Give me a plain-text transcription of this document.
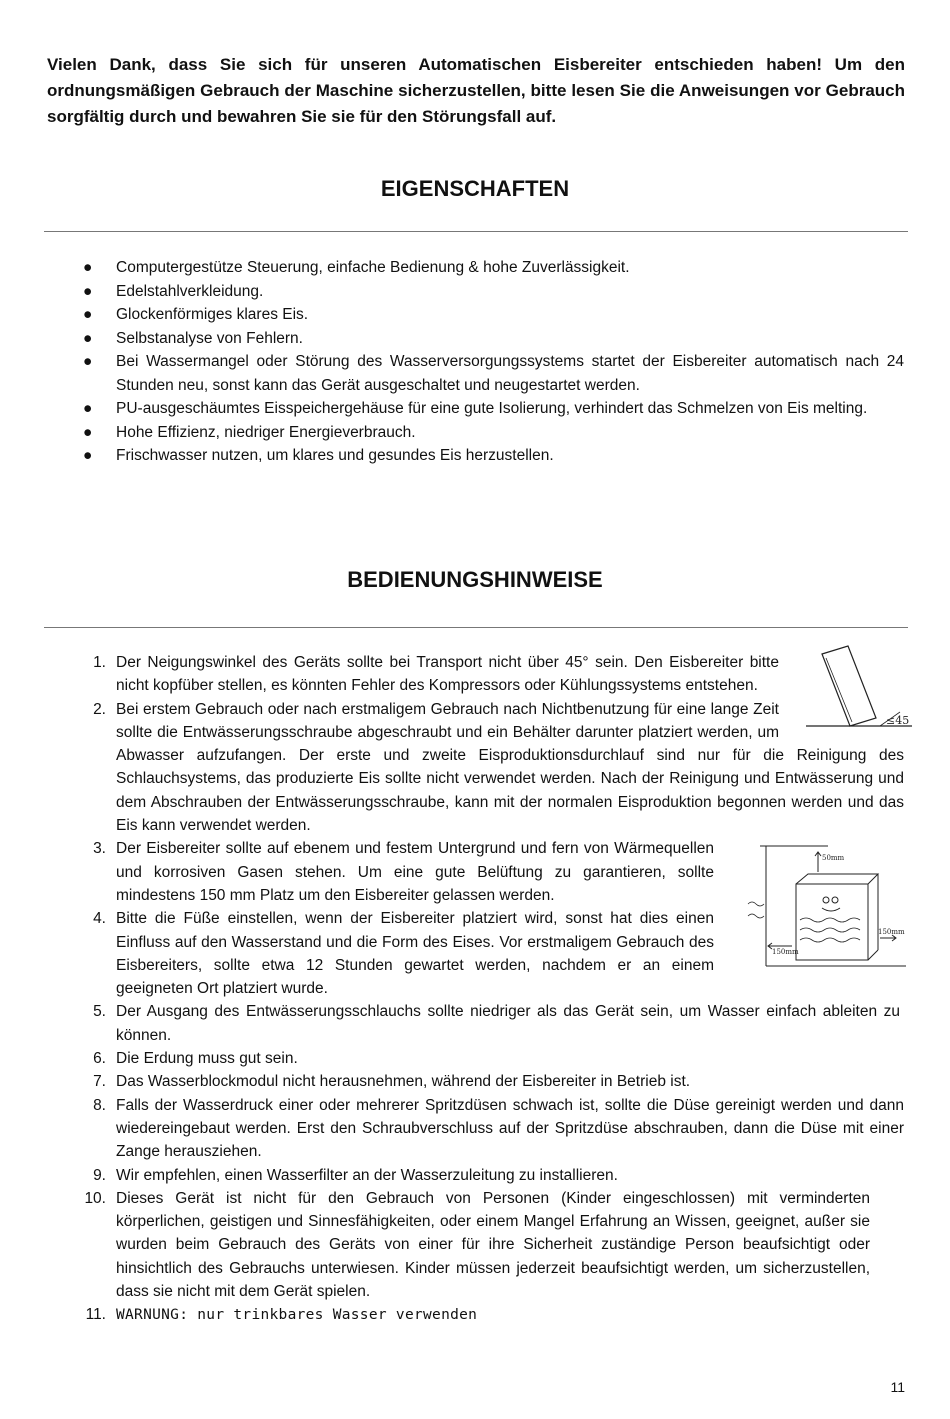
Vielen Dank, dass Sie sich für unseren Automatischen Eisbereiter entschieden haben! Um den ordnungsmäßigen Gebrauch der Maschine sicherzustellen, bitte lesen Sie die Anweisungen vor Gebrauch sorgfältig durch und bewahren Sie sie für den Störungsfall auf.
EIGENSCHAFTEN
● Computergestütze Steuerung, einfache Bedienung & hohe Zuverlässigkeit.
● Edelstahlverkleidung.
● Glockenförmiges klares Eis.
● Selbstanalyse von Fehlern.
● Bei Wassermangel oder Störung des Wasserversorgungssystems startet der Eisbereiter automatisch nach 24 Stunden neu, sonst kann das Gerät ausgeschaltet und neugestartet werden.
● PU-ausgeschäumtes Eisspeichergehäuse für eine gute Isolierung, verhindert das Schmelzen von Eis melting.
● Hohe Effizienz, niedriger Energieverbrauch.
● Frischwasser nutzen, um klares und gesundes Eis herzustellen.
BEDIENUNGSHINWEISE
1. Der Neigungswinkel des Geräts sollte bei Transport nicht über 45° sein. Den Eisbereiter bitte nicht kopfüber stellen, es könnten Fehler des Kompressors oder Kühlungssystems entstehen.
2. Bei erstem Gebrauch oder nach erstmaligem Gebrauch nach Nichtbenutzung für eine lange Zeit sollte die Entwässerungsschraube abgeschraubt und ein Behälter darunter platziert werden, um Abwasser aufzufangen. Der erste und zweite Eisproduktionsdurchlauf sind nur für die Reinigung des Schlauchsystems, das produzierte Eis sollte nicht verwendet werden. Nach der Reinigung und Entwässerung und dem Abschrauben der Entwässerungsschraube, kann mit der normalen Eisproduktion begonnen werden und das Eis kann verwendet werden.
3. Der Eisbereiter sollte auf ebenem und festem Untergrund und fern von Wärmequellen und korrosiven Gasen stehen. Um eine gute Belüftung zu garantieren, sollte mindestens 150 mm Platz um den Eisbereiter gelassen werden.
4. Bitte die Füße einstellen, wenn der Eisbereiter platziert wird, sonst hat dies einen Einfluss auf den Wasserstand und die Form des Eises. Vor erstmaligem Gebrauch des Eisbereiters, sollte etwa 12 Stunden gewartet werden, nachdem er an einem geeigneten Ort platziert wurde.
5. Der Ausgang des Entwässerungsschlauchs sollte niedriger als das Gerät sein, um Wasser einfach ableiten zu können.
6. Die Erdung muss gut sein.
7. Das Wasserblockmodul nicht herausnehmen, während der Eisbereiter in Betrieb ist.
8. Falls der Wasserdruck einer oder mehrerer Spritzdüsen schwach ist, sollte die Düse gereinigt werden und dann wiedereingebaut werden. Erst den Schraubverschluss auf der Spritzdüse abschrauben, dann die Düse mit einer Zange herausziehen.
9. Wir empfehlen, einen Wasserfilter an der Wasserzuleitung zu installieren.
10. Dieses Gerät ist nicht für den Gebrauch von Personen (Kinder eingeschlossen) mit verminderten körperlichen, geistigen und Sinnesfähigkeiten, oder einem Mangel Erfahrung an Wissen, geeignet, außer sie wurden beim Gebrauch des Geräts von einer für ihre Sicherheit zuständige Person beaufsichtigt oder hinsichtlich des Gebrauchs unterwiesen. Kinder müssen jederzeit beaufsichtigt werden, um sicherzustellen, dass sie nicht mit dem Gerät spielen.
11. WARNUNG: nur trinkbares Wasser verwenden
≤45
50mm
150mm
150mm
11
